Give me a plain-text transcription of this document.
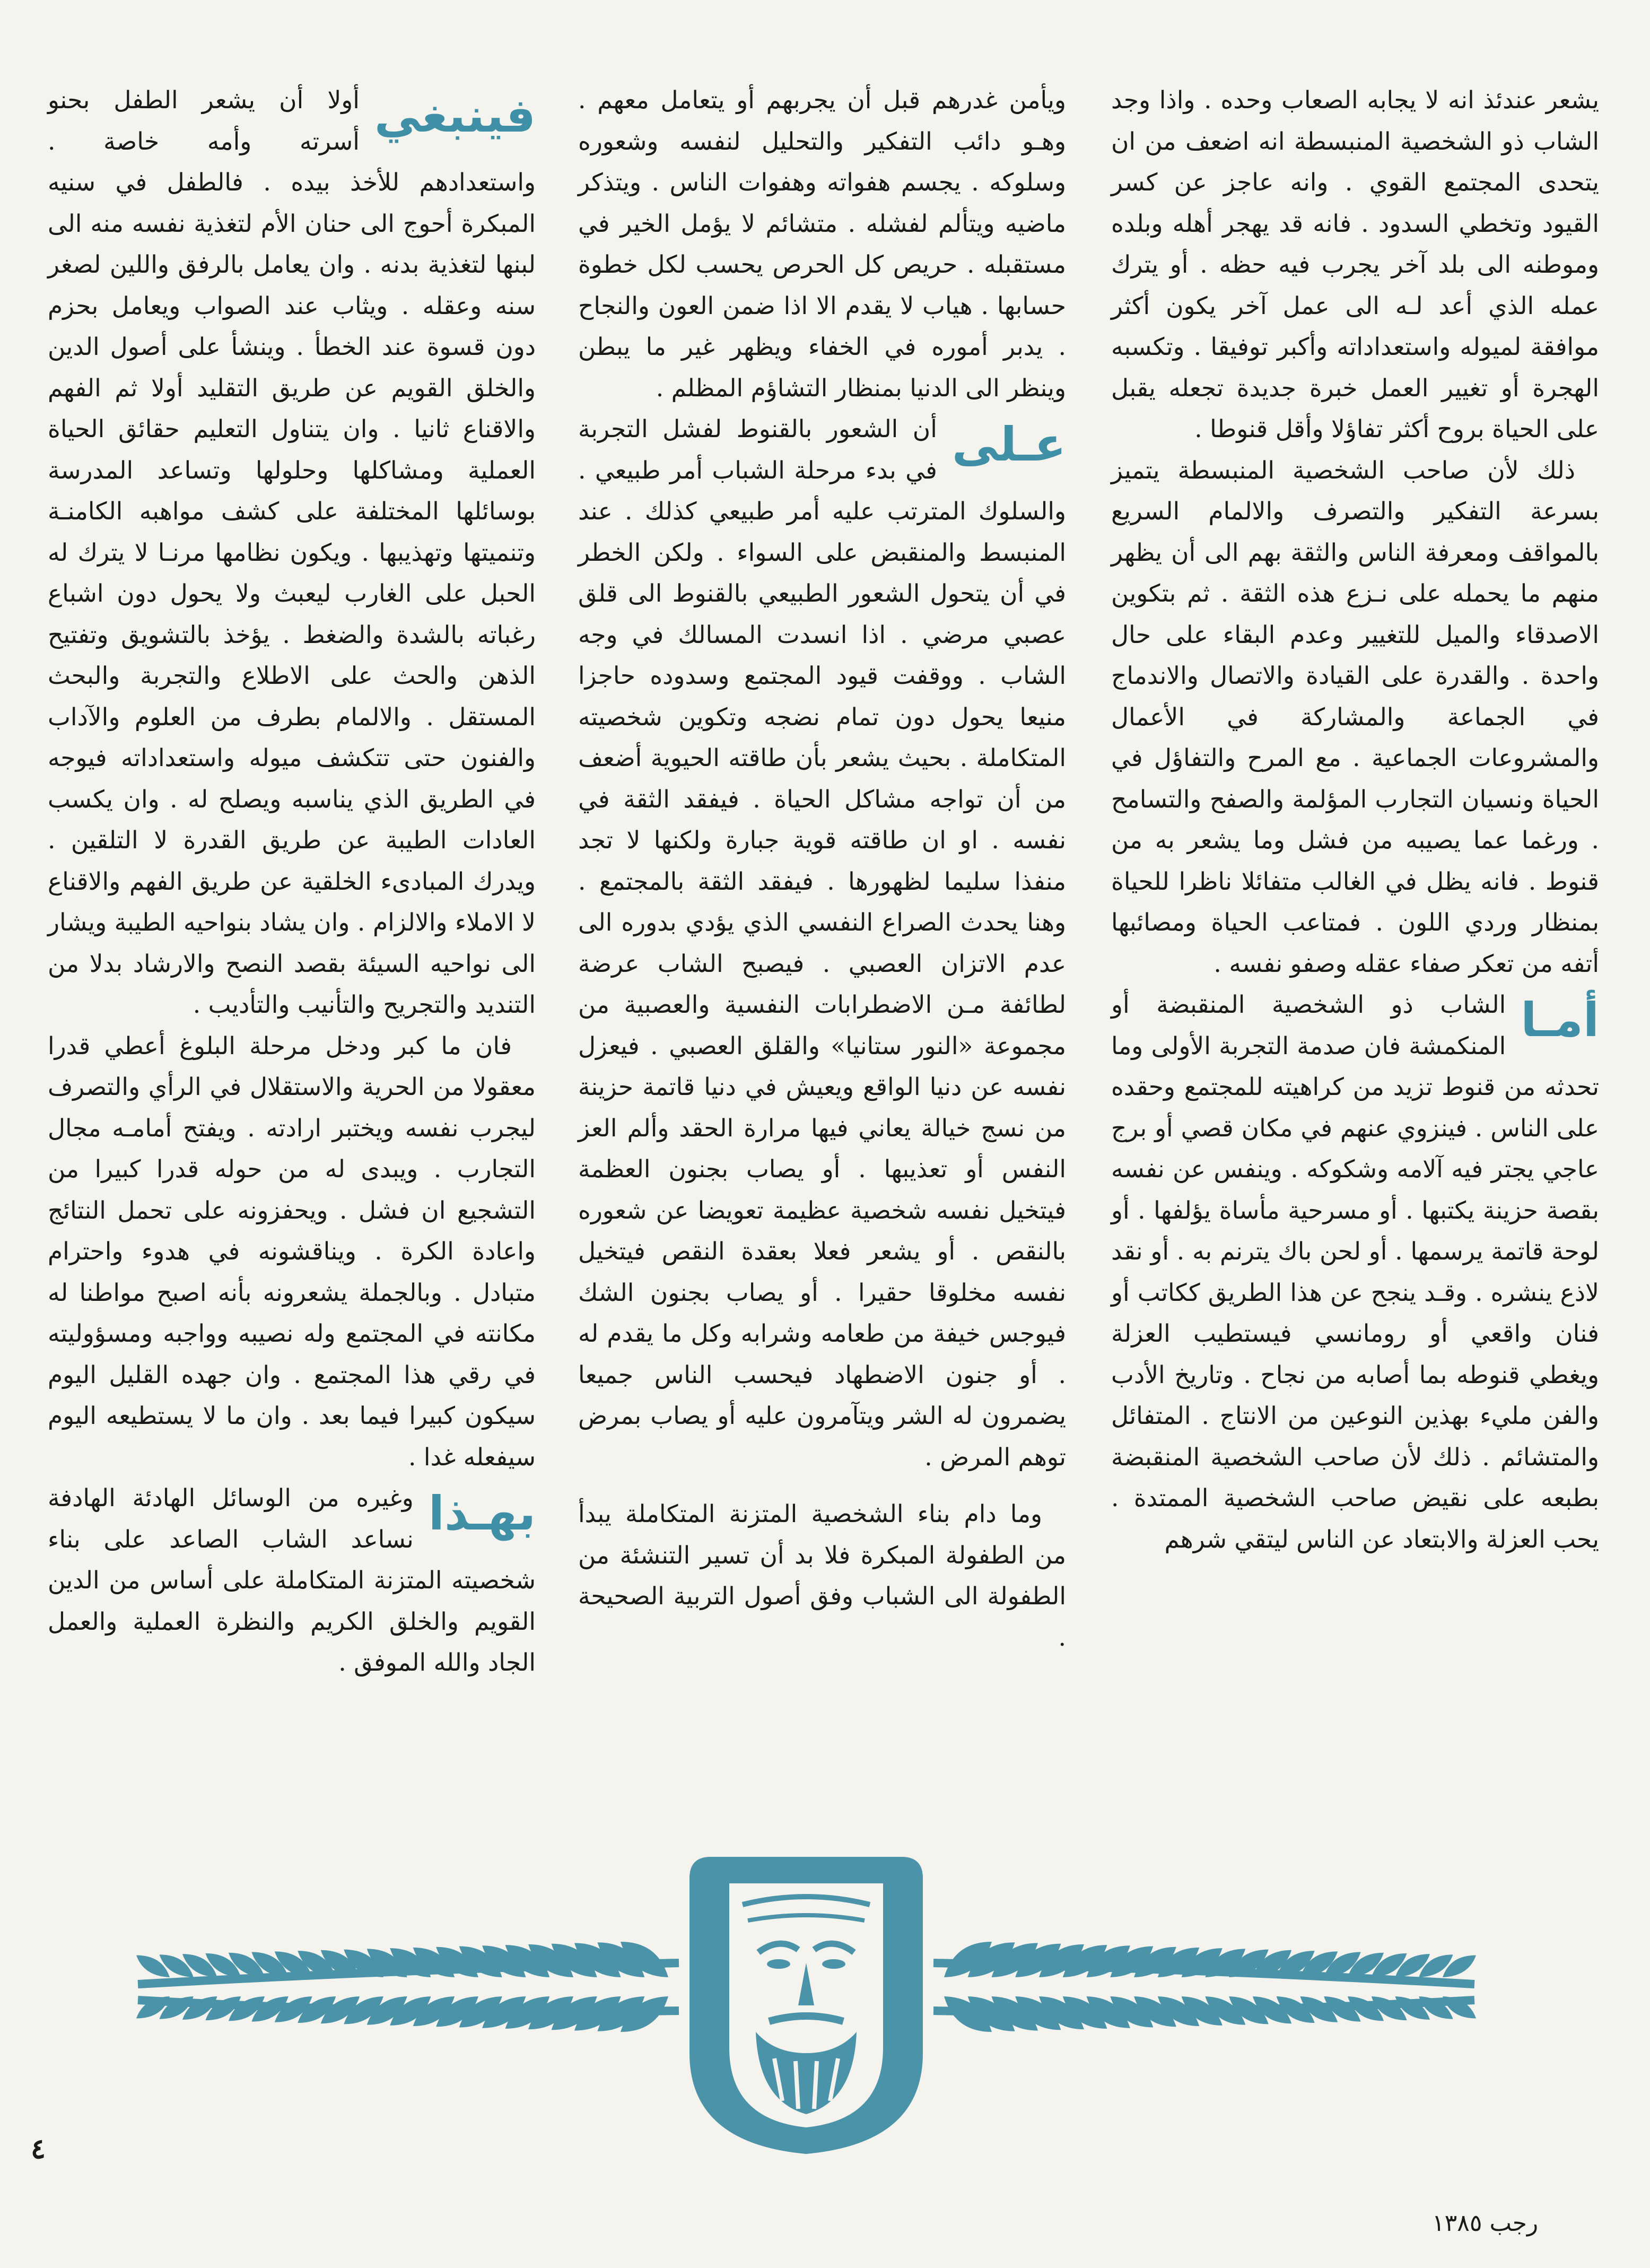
يشعر عندئذ انه لا يجابه الصعاب وحده . واذا وجد الشاب ذو الشخصية المنبسطة انه اضعف من ان يتحدى المجتمع القوي . وانه عاجز عن كسر القيود وتخطي السدود . فانه قد يهجر أهله وبلده وموطنه الى بلد آخر يجرب فيه حظه . أو يترك عمله الذي أعد لـه الى عمل آخر يكون أكثر موافقة لميوله واستعداداته وأكبر توفيقا . وتكسبه الهجرة أو تغيير العمل خبرة جديدة تجعله يقبل على الحياة بروح أكثر تفاؤلا وأقل قنوطا .

ذلك لأن صاحب الشخصية المنبسطة يتميز بسرعة التفكير والتصرف والالمام السريع بالمواقف ومعرفة الناس والثقة بهم الى أن يظهر منهم ما يحمله على نـزع هذه الثقة . ثم بتكوين الاصدقاء والميل للتغيير وعدم البقاء على حال واحدة . والقدرة على القيادة والاتصال والاندماج في الجماعة والمشاركة في الأعمال والمشروعات الجماعية . مع المرح والتفاؤل في الحياة ونسيان التجارب المؤلمة والصفح والتسامح . ورغما عما يصيبه من فشل وما يشعر به من قنوط . فانه يظل في الغالب متفائلا ناظرا للحياة بمنظار وردي اللون . فمتاعب الحياة ومصائبها أتفه من تعكر صفاء عقله وصفو نفسه .

أمـا
الشاب ذو الشخصية المنقبضة أو المنكمشة فان صدمة التجربة الأولى وما تحدثه من قنوط تزيد من كراهيته للمجتمع وحقده على الناس . فينزوي عنهم في مكان قصي أو برج عاجي يجتر فيه آلامه وشكوكه . وينفس عن نفسه بقصة حزينة يكتبها . أو مسرحية مأساة يؤلفها . أو لوحة قاتمة يرسمها . أو لحن باك يترنم به . أو نقد لاذع ينشره . وقـد ينجح عن هذا الطريق ككاتب أو فنان واقعي أو رومانسي فيستطيب العزلة ويغطي قنوطه بما أصابه من نجاح . وتاريخ الأدب والفن مليء بهذين النوعين من الانتاج . المتفائل والمتشائم . ذلك لأن صاحب الشخصية المنقبضة بطبعه على نقيض صاحب الشخصية الممتدة . يحب العزلة والابتعاد عن الناس ليتقي شرهم

ويأمن غدرهم قبل أن يجربهم أو يتعامل معهم . وهـو دائب التفكير والتحليل لنفسه وشعوره وسلوكه . يجسم هفواته وهفوات الناس . ويتذكر ماضيه ويتألم لفشله . متشائم لا يؤمل الخير في مستقبله . حريص كل الحرص يحسب لكل خطوة حسابها . هياب لا يقدم الا اذا ضمن العون والنجاح . يدبر أموره في الخفاء ويظهر غير ما يبطن وينظر الى الدنيا بمنظار التشاؤم المظلم .

عـلى
أن الشعور بالقنوط لفشل التجربة في بدء مرحلة الشباب أمر طبيعي . والسلوك المترتب عليه أمر طبيعي كذلك . عند المنبسط والمنقبض على السواء . ولكن الخطر في أن يتحول الشعور الطبيعي بالقنوط الى قلق عصبي مرضي . اذا انسدت المسالك في وجه الشاب . ووقفت قيود المجتمع وسدوده حاجزا منيعا يحول دون تمام نضجه وتكوين شخصيته المتكاملة . بحيث يشعر بأن طاقته الحيوية أضعف من أن تواجه مشاكل الحياة . فيفقد الثقة في نفسه . او ان طاقته قوية جبارة ولكنها لا تجد منفذا سليما لظهورها . فيفقد الثقة بالمجتمع . وهنا يحدث الصراع النفسي الذي يؤدي بدوره الى عدم الاتزان العصبي . فيصبح الشاب عرضة لطائفة مـن الاضطرابات النفسية والعصبية من مجموعة «النور ستانيا» والقلق العصبي . فيعزل نفسه عن دنيا الواقع ويعيش في دنيا قاتمة حزينة من نسج خيالة يعاني فيها مرارة الحقد وألم العز النفس أو تعذيبها . أو يصاب بجنون العظمة فيتخيل نفسه شخصية عظيمة تعويضا عن شعوره بالنقص . أو يشعر فعلا بعقدة النقص فيتخيل نفسه مخلوقا حقيرا . أو يصاب بجنون الشك فيوجس خيفة من طعامه وشرابه وكل ما يقدم له . أو جنون الاضطهاد فيحسب الناس جميعا يضمرون له الشر ويتآمرون عليه أو يصاب بمرض توهم المرض .

وما دام بناء الشخصية المتزنة المتكاملة يبدأ من الطفولة المبكرة فلا بد أن تسير التنشئة من الطفولة الى الشباب وفق أصول التربية الصحيحة .

فينبغي
أولا أن يشعر الطفل بحنو أسرته وأمه خاصة . واستعدادهم للأخذ بيده . فالطفل في سنيه المبكرة أحوج الى حنان الأم لتغذية نفسه منه الى لبنها لتغذية بدنه . وان يعامل بالرفق واللين لصغر سنه وعقله . ويثاب عند الصواب ويعامل بحزم دون قسوة عند الخطأ . وينشأ على أصول الدين والخلق القويم عن طريق التقليد أولا ثم الفهم والاقناع ثانيا . وان يتناول التعليم حقائق الحياة العملية ومشاكلها وحلولها وتساعد المدرسة بوسائلها المختلفة على كشف مواهبه الكامنـة وتنميتها وتهذيبها . ويكون نظامها مرنـا لا يترك له الحبل على الغارب ليعبث ولا يحول دون اشباع رغباته بالشدة والضغط . يؤخذ بالتشويق وتفتيح الذهن والحث على الاطلاع والتجربة والبحث المستقل . والالمام بطرف من العلوم والآداب والفنون حتى تتكشف ميوله واستعداداته فيوجه في الطريق الذي يناسبه ويصلح له . وان يكسب العادات الطيبة عن طريق القدرة لا التلقين . ويدرك المبادىء الخلقية عن طريق الفهم والاقناع لا الاملاء والالزام . وان يشاد بنواحيه الطيبة ويشار الى نواحيه السيئة بقصد النصح والارشاد بدلا من التنديد والتجريح والتأنيب والتأديب .

فان ما كبر ودخل مرحلة البلوغ أعطي قدرا معقولا من الحرية والاستقلال في الرأي والتصرف ليجرب نفسه ويختبر ارادته . ويفتح أمامـه مجال التجارب . ويبدى له من حوله قدرا كبيرا من التشجيع ان فشل . ويحفزونه على تحمل النتائج واعادة الكرة . ويناقشونه في هدوء واحترام متبادل . وبالجملة يشعرونه بأنه اصبح مواطنا له مكانته في المجتمع وله نصيبه وواجبه ومسؤوليته في رقي هذا المجتمع . وان جهده القليل اليوم سيكون كبيرا فيما بعد . وان ما لا يستطيعه اليوم سيفعله غدا .

بهـذا
وغيره من الوسائل الهادئة الهادفة نساعد الشاب الصاعد على بناء شخصيته المتزنة المتكاملة على أساس من الدين القويم والخلق الكريم والنظرة العملية والعمل الجاد والله الموفق .

٤
رجب ١٣٨٥
